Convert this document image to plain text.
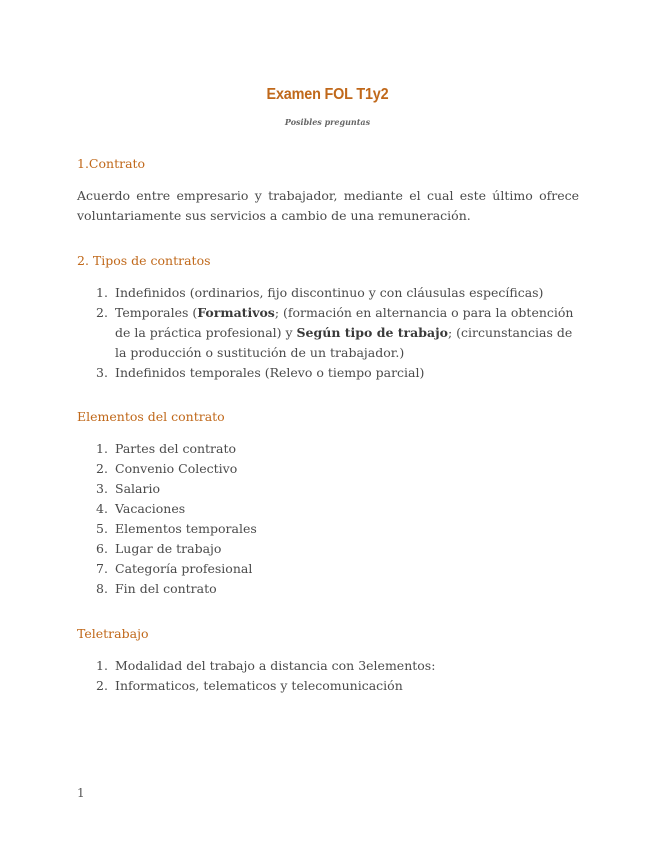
Examen FOL T1y2
Posibles preguntas
1.Contrato

Acuerdo entre empresario y trabajador, mediante el cual este último ofrece voluntariamente sus servicios a cambio de una remuneración.

2. Tipos de contratos
1. Indefinidos (ordinarios, fijo discontinuo y con cláusulas específicas)
2. Temporales (Formativos; (formación en alternancia o para la obtención de la práctica profesional) y Según tipo de trabajo; (circunstancias de la producción o sustitución de un trabajador.)
3. Indefinidos temporales (Relevo o tiempo parcial)
Elementos del contrato
1. Partes del contrato
2. Convenio Colectivo
3. Salario
4. Vacaciones
5. Elementos temporales
6. Lugar de trabajo
7. Categoría profesional
8. Fin del contrato
Teletrabajo
1. Modalidad del trabajo a distancia con 3elementos:
2. Informaticos, telematicos y telecomunicación
1
